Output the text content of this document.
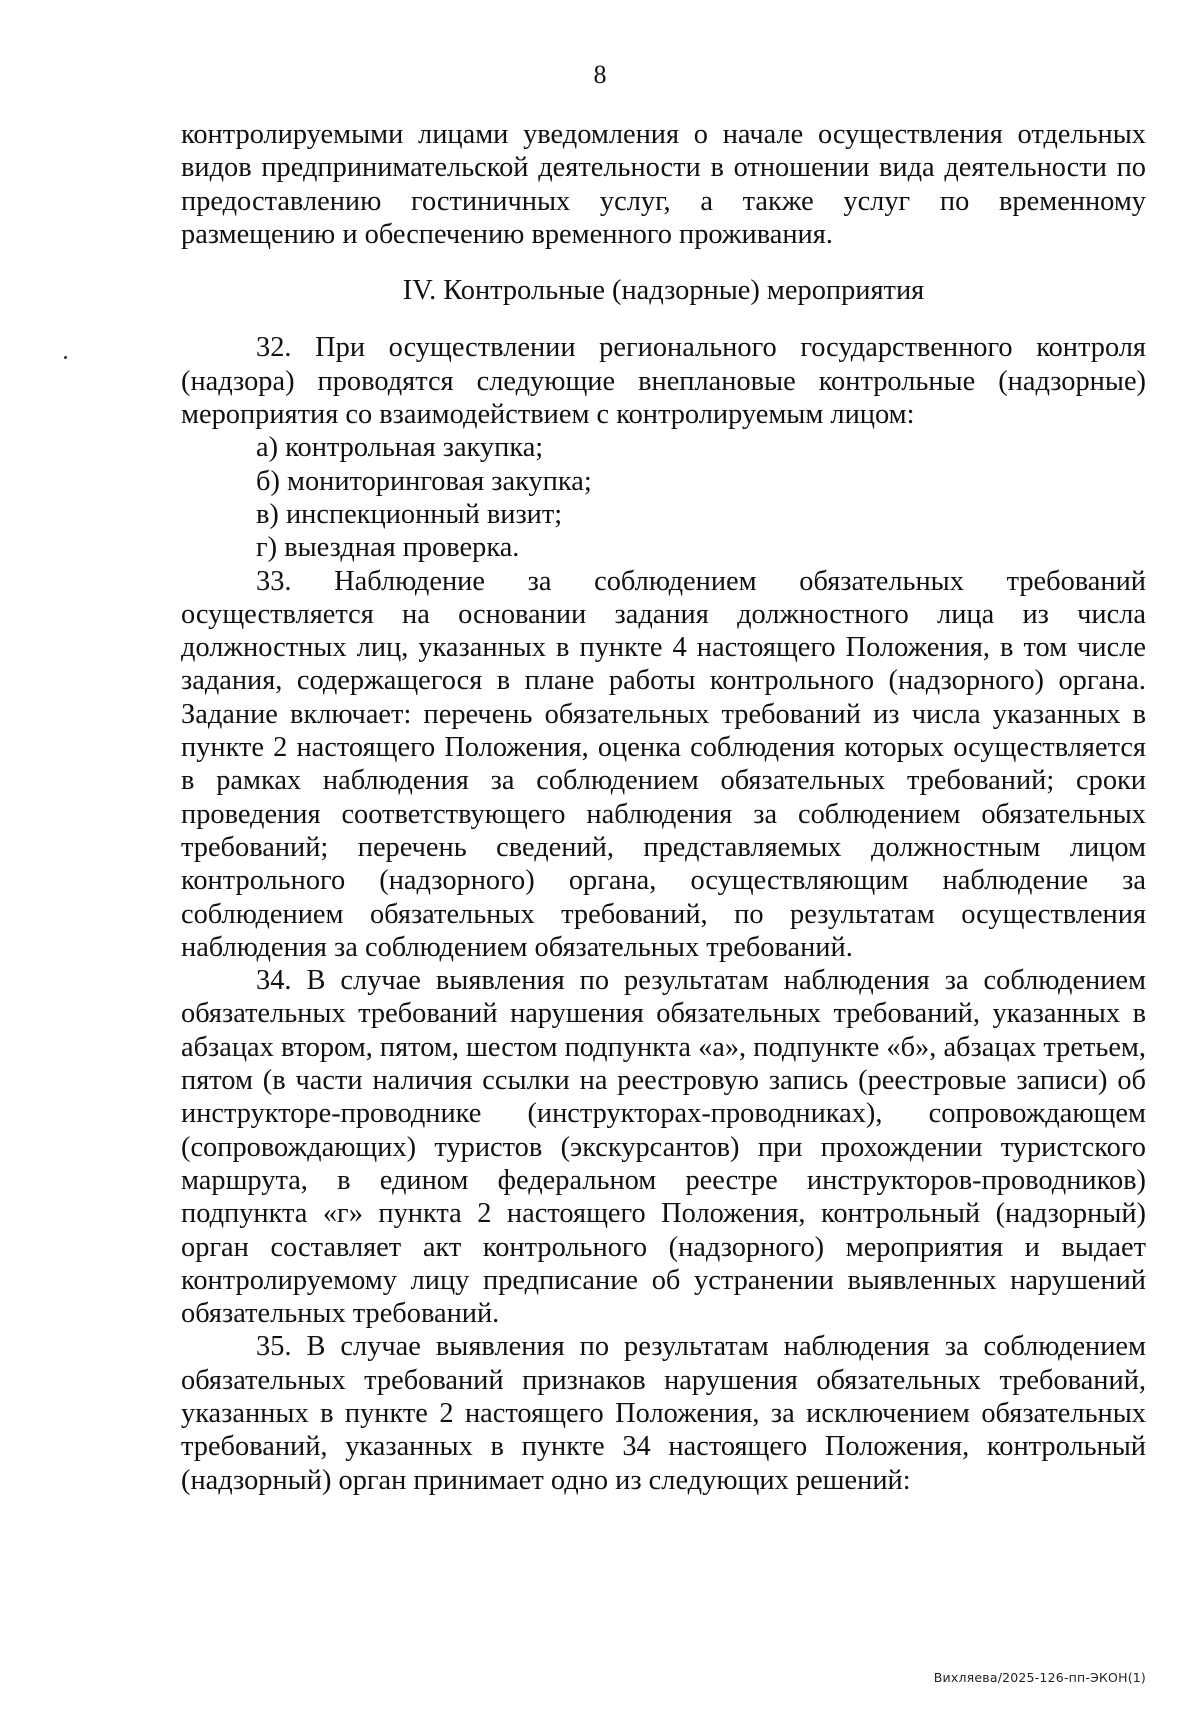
8

контролируемыми лицами уведомления о начале осуществления отдельных видов предпринимательской деятельности в отношении вида деятельности по предоставлению гостиничных услуг, а также услуг по временному размещению и обеспечению временного проживания.

IV. Контрольные (надзорные) мероприятия

32. При осуществлении регионального государственного контроля (надзора) проводятся следующие внеплановые контрольные (надзорные) мероприятия со взаимодействием с контролируемым лицом:

а) контрольная закупка;

б) мониторинговая закупка;

в) инспекционный визит;

г) выездная проверка.

33. Наблюдение за соблюдением обязательных требований осуществляется на основании задания должностного лица из числа должностных лиц, указанных в пункте 4 настоящего Положения, в том числе задания, содержащегося в плане работы контрольного (надзорного) органа. Задание включает: перечень обязательных требований из числа указанных в пункте 2 настоящего Положения, оценка соблюдения которых осуществляется в рамках наблюдения за соблюдением обязательных требований; сроки проведения соответствующего наблюдения за соблюдением обязательных требований; перечень сведений, представляемых должностным лицом контрольного (надзорного) органа, осуществляющим наблюдение за соблюдением обязательных требований, по результатам осуществления наблюдения за соблюдением обязательных требований.

34. В случае выявления по результатам наблюдения за соблюдением обязательных требований нарушения обязательных требований, указанных в абзацах втором, пятом, шестом подпункта «а», подпункте «б», абзацах третьем, пятом (в части наличия ссылки на реестровую запись (реестровые записи) об инструкторе-проводнике (инструкторах-проводниках), сопровождающем (сопровождающих) туристов (экскурсантов) при прохождении туристского маршрута, в едином федеральном реестре инструкторов-проводников) подпункта «г» пункта 2 настоящего Положения, контрольный (надзорный) орган составляет акт контрольного (надзорного) мероприятия и выдает контролируемому лицу предписание об устранении выявленных нарушений обязательных требований.

35. В случае выявления по результатам наблюдения за соблюдением обязательных требований признаков нарушения обязательных требований, указанных в пункте 2 настоящего Положения, за исключением обязательных требований, указанных в пункте 34 настоящего Положения, контрольный (надзорный) орган принимает одно из следующих решений:

Вихляева/2025-126-пп-ЭКОН(1)
